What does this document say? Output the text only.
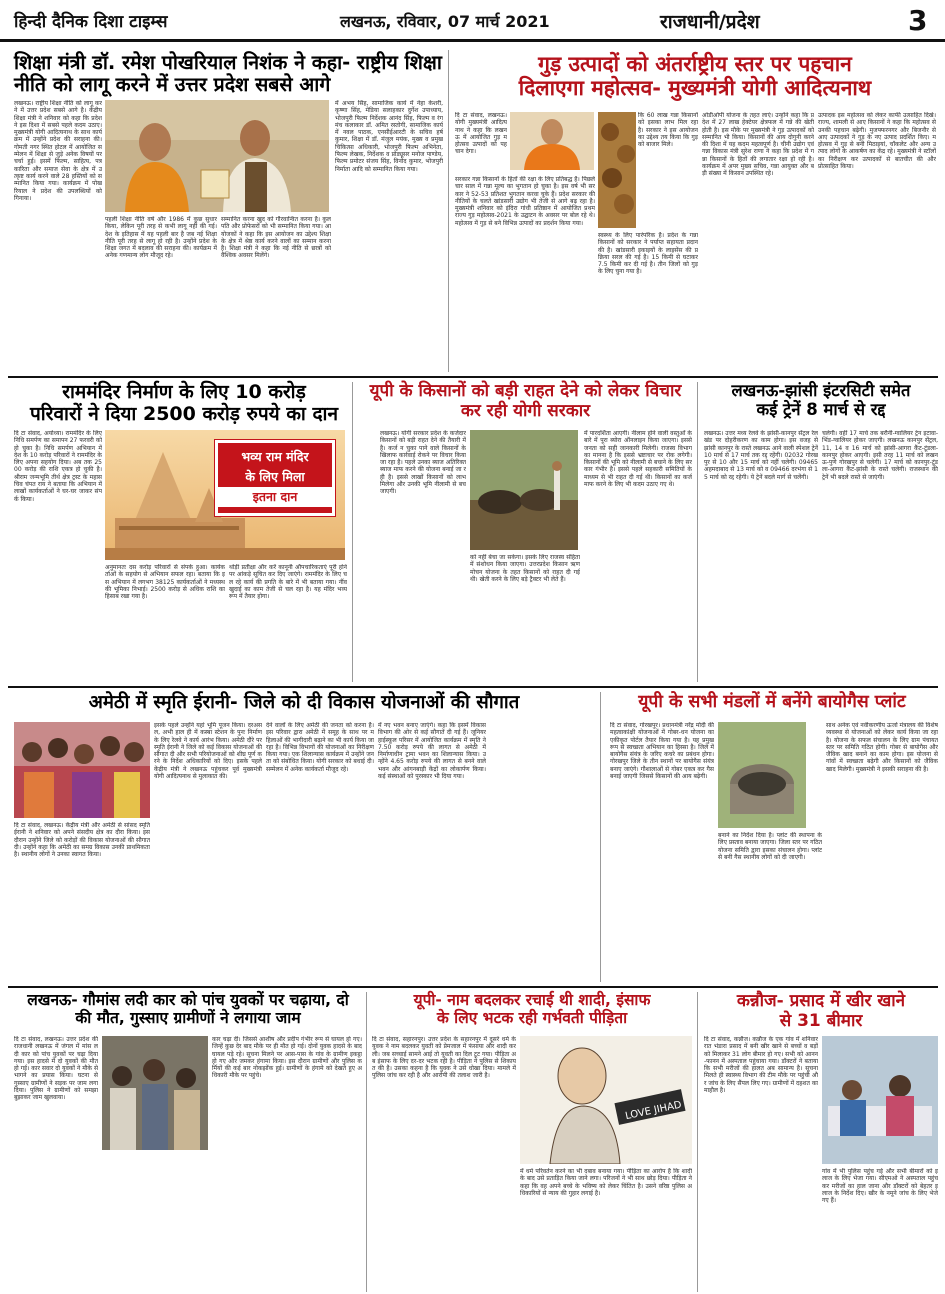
हिन्दी दैनिक दिशा टाइम्स	लखनऊ, रविवार, 07 मार्च 2021	राजधानी/प्रदेश	3
शिक्षा मंत्री डॉ. रमेश पोखरियाल निशंक ने कहा- राष्ट्रीय शिक्षा
नीति को लागू करने में उत्तर प्रदेश सबसे आगे
लखनऊ। राष्ट्रीय शिक्षा नीति को लागू करने में उत्तर प्रदेश सबसे आगे है। केंद्रीय शिक्षा मंत्री ने शनिवार को कहा कि प्रदेश ने इस दिशा में सबसे पहले कदम उठाए। मुख्यमंत्री योगी आदित्यनाथ के साथ कार्यक्रम में उन्होंने प्रदेश की सराहना की। गोमती नगर स्थित होटल में आयोजित सम्मेलन में शिक्षा से जुड़े अनेक विषयों पर चर्चा हुई। इसमें फिल्म, साहित्य, पत्रकारिता और समाज सेवा के क्षेत्र में उत्कृष्ट कार्य करने वाले 28 हस्तियों को सम्मानित किया गया। कार्यक्रम में पोखरियाल ने प्रदेश की उपलब्धियों को गिनाया।
पहली शिक्षा नीति वर्ष और 1986 में कुछ सुधार किया, लेकिन पूरी तरह से कभी लागू नहीं की गई। देश के इतिहास में यह पहली बार है जब नई शिक्षा नीति पूरी तरह से लागू हो रही है। उन्होंने प्रदेश के शिक्षा जगत में बदलाव की सराहना की। कार्यक्रम में अनेक गणमान्य लोग मौजूद रहे।
सम्मानित करना खुद को गौरवान्वित करना है। कुलपति और प्रोफेसरों को भी सम्मानित किया गया। आयोजकों ने कहा कि इस आयोजन का उद्देश्य शिक्षा के क्षेत्र में श्रेष्ठ कार्य करने वालों का सम्मान करना है। शिक्षा मंत्री ने कहा कि नई नीति से छात्रों को वैश्विक अवसर मिलेंगे।
में अभय सिंह, सामाजिक कार्य में नेहा केशरी, कृष्णा सिंह, मेडिया सलाहकार दुर्गेश उपाध्याय, भोजपुरी फिल्म निर्देशक आनंद सिंह, फिल्म व रंगमंच कलाकार डॉ. अमित रस्तोगी, सामाजिक कार्य में नवल पाठक, एनसीईआरटी के सचिव हर्ष कुमार, शिक्षा में डॉ. मंजुल मयंक, मुख्य व प्रमुख चिकित्सा अधिकारी, भोजपुरी फिल्म अभिनेता, फिल्म लेखक, निर्देशक व प्रोड्यूसर मनोज पाण्डेय, फिल्म प्रमोटर संजय सिंह, विनोद कुमार, भोजपुरी निर्माता आदि को सम्मानित किया गया।
गुड़ उत्पादों को अंतर्राष्ट्रीय स्तर पर पहचान
दिलाएगा महोत्सव- मुख्यमंत्री योगी आदित्यनाथ
दि टा संवाद, लखनऊ। योगी मुख्यमंत्री आदित्यनाथ ने कहा कि लखनऊ में आयोजित गुड़ महोत्सव उत्पादों को पहचान देगा।
सरकार गन्ना किसानों के हितों की रक्षा के लिए प्रतिबद्ध है। पिछले चार साल में गन्ना मूल्य का भुगतान हो चुका है। इस वर्ष भी सरकार ने 52-53 प्रतिशत भुगतान करवा चुके हैं। प्रदेश सरकार की नीतियों के चलते खांडसारी उद्योग भी तेजी से आगे बढ़ रहा है। मुख्यमंत्री शनिवार को इंदिरा गांधी प्रतिष्ठान में आयोजित प्रथम राज्य गुड़ महोत्सव-2021 के उद्घाटन के अवसर पर बोल रहे थे। महोत्सव में गुड़ से बने विभिन्न उत्पादों का प्रदर्शन किया गया।
स्वस्थ्य के लिए पारंपरिक है। प्रदेश के गन्ना किसानों को सरकार ने पर्याप्त सहायता प्रदान की है। खांडसारी इकाइयों के लाइसेंस की प्रक्रिया सरल की गई है। 15 किमी से घटाकर 7.5 किमी कर दी गई है। तीन जिलों को गुड़ के लिए चुना गया है।
कि 60 लाख गन्ना किसानों को इसका लाभ मिल रहा है। सरकार ने इस आयोजन का उद्देश्य तय किया कि गुड़ को बाजार मिले।
ओडीओपी योजना के तहत लाएं। उन्होंने कहा कि प्रदेश में 27 लाख हेक्टेयर क्षेत्रफल में गन्ने की खेती होती है। इस मौके पर मुख्यमंत्री ने गुड़ उत्पादकों को सम्मानित भी किया। किसानों की आय दोगुनी करने की दिशा में यह कदम महत्वपूर्ण है। चीनी उद्योग एवं गन्ना विकास मंत्री सुरेश राणा ने कहा कि प्रदेश में गन्ना किसानों के हितों की लगातार रक्षा हो रही है। कार्यक्रम में अपर मुख्य सचिव, गन्ना आयुक्त और बड़ी संख्या में किसान उपस्थित रहे।
उत्पादक इस महोत्सव को लेकर काफी उत्साहित दिखे। राज्य, शामली से आए किसानों ने कहा कि महोत्सव से उनकी पहचान बढ़ेगी। मुजफ्फरनगर और बिजनौर से आए उत्पादकों ने गुड़ के नए उत्पाद प्रदर्शित किए। महोत्सव में गुड़ से बनी मिठाइयां, चॉकलेट और अन्य उत्पाद लोगों के आकर्षण का केंद्र रहे। मुख्यमंत्री ने स्टॉलों का निरीक्षण कर उत्पादकों से बातचीत की और प्रोत्साहित किया।
राममंदिर निर्माण के लिए 10 करोड़
परिवारों ने दिया 2500 करोड़ रुपये का दान
भव्य राम मंदिर
के लिए मिला
इतना दान
दि टा संवाद, अयोध्या। राममंदिर के लिए निधि समर्पण का समापन 27 फरवरी को हो चुका है। निधि समर्पण अभियान में देश के 10 करोड़ परिवारों ने राममंदिर के लिए अपना सहयोग दिया। अब तक 2500 करोड़ की राशि एकत्र हो चुकी है। श्रीराम जन्मभूमि तीर्थ क्षेत्र ट्रस्ट के महासचिव चंपत राय ने बताया कि अभियान में लाखों कार्यकर्ताओं ने घर-घर जाकर संपर्क किया।
अनुमानतः दस करोड़ परिवारों से संपर्क हुआ। कार्यकर्ताओं के सहयोग से अभियान सफल रहा। बताया कि इस अभियान में लगभग 38125 कार्यकर्ताओं ने मध्यस्थ की भूमिका निभाई। 2500 करोड़ से अधिक राशि का हिसाब रखा गया है।
थोड़ी प्रतीक्षा और करें कानूनी औपचारिकताएं पूरी होने पर आंकड़े सूचित कर दिए जाएंगे। राममंदिर के लिए चल रहे कार्य की प्रगति के बारे में भी बताया गया। नींव खुदाई का काम तेजी से चल रहा है। यह मंदिर भव्य रूप में तैयार होगा।
यूपी के किसानों को बड़ी राहत देने को लेकर विचार
कर रही योगी सरकार
लखनऊ। योगी सरकार प्रदेश के कर्जदार किसानों को बड़ी राहत देने की तैयारी में है। कर्ज न चुका पाने वाले किसानों के खिलाफ कार्रवाई रोकने पर विचार किया जा रहा है। पहले उनका ब्याज अतिरिक्त ब्याज माफ करने की योजना बनाई जा रही है। इससे लाखों किसानों को लाभ मिलेगा और उनकी भूमि नीलामी से बच जाएगी।
को नहीं बेचा जा सकेगा। इसके लिए राजस्व संहिता में संशोधन किया जाएगा। उत्तरप्रदेश किसान ऋण मोचन योजना के तहत किसानों को राहत दी गई थी। खेती करने के लिए बड़े ट्रैक्टर भी लेते हैं।
में पारदर्शिता आएगी। नीलाम होने वाली वस्तुओं के बारे में पूरा ब्योरा ऑनलाइन किया जाएगा। इससे जनता को सही जानकारी मिलेगी। राजस्व विभाग का मानना है कि इससे भ्रष्टाचार पर रोक लगेगी। किसानों की भूमि को नीलामी से बचाने के लिए सरकार गंभीर है। इससे पहले सहकारी समितियों के माध्यम से भी राहत दी गई थी। किसानों का कर्ज माफ करने के लिए भी कदम उठाए गए थे।
लखनऊ-झांसी इंटरसिटी समेत
कई ट्रेनें 8 मार्च से रद्द
लखनऊ। उत्तर मध्य रेलवे के झांसी-कानपुर सेंट्रल रेल खंड पर दोहरीकरण का काम होगा। इस वजह से झांसी कानपुर के रास्ते लखनऊ आने वाली स्पेशल ट्रेनें 10 मार्च से 17 मार्च तक रद्द रहेंगी। 02032 गोरखपुर से 10 और 15 मार्च को नहीं चलेगी। 09465 अहमदाबाद से 13 मार्च को व 09466 दरभंगा से 15 मार्च को रद्द रहेगी। ये ट्रेनें बदले मार्ग से चलेंगी।
चलेगी। वहीं 17 मार्च तक बरौनी-ग्वालियर ट्रेन इटावा-भिंड-ग्वालियर होकर जाएगी। लखनऊ कानपुर सेंट्रल, 11, 14 व 16 मार्च को झांसी-आगरा कैंट-टूंडला-कानपुर होकर आएगी। इसी तरह 11 मार्च को लखनऊ-पुणे गोरखपुर से चलेगी। 17 मार्च को कानपुर-टूंडला-आगरा कैंट-झांसी के रास्ते चलेगी। राजस्थान की ट्रेनें भी बदले रास्ते से जाएंगी।
अमेठी में स्मृति ईरानी- जिले को दी विकास योजनाओं की सौगात
दि टा संवाद, लखनऊ। केंद्रीय मंत्री और अमेठी से सांसद स्मृति ईरानी ने शनिवार को अपने संसदीय क्षेत्र का दौरा किया। इस दौरान उन्होंने जिले को करोड़ों की विकास योजनाओं की सौगात दी। उन्होंने कहा कि अमेठी का समग्र विकास उनकी प्राथमिकता है। स्थानीय लोगों ने उनका स्वागत किया।
इसके पहले उन्होंने यहां भूमि पूजन किया। दरअसल, अभी हाल ही में कस्बा स्टेशन के पुनः निर्माण के लिए रेलवे ने कार्य आरंभ किया। अमेठी दौरे पर स्मृति ईरानी ने जिले को कई विकास योजनाओं की सौगात दी और सभी परियोजनाओं को शीघ्र पूर्ण करने के निर्देश अधिकारियों को दिए। इसके पहले केंद्रीय मंत्री ने लखनऊ पहुंचकर पूर्व मुख्यमंत्री योगी आदित्यनाथ से मुलाकात की।
देने वालों के लिए अमेठी की जनता को करना है। इस परिवार द्वारा अमेठी में समूह के साथ पर महिलाओं की भागीदारी बढ़ाने का भी कार्य किया जा रहा है। विभिन्न विभागों की योजनाओं का निरीक्षण किया गया। एक शिलान्यास कार्यक्रम में उन्होंने जनता को संबोधित किया। योगी सरकार को बधाई दी। सम्मेलन में अनेक कार्यकर्ता मौजूद रहे।
में नए भवन बनाए जाएंगे। कहा कि इसमें विकास विभाग की ओर से कई सौगातें दी गई हैं। जूनियर हाईस्कूल परिसर में आयोजित कार्यक्रम में स्मृति ने 7.50 करोड़ रुपये की लागत से अमेठी में निर्माणाधीन ट्रामा भवन का शिलान्यास किया। उन्होंने 4.65 करोड़ रुपये की लागत से बनने वाले भवन और आंगनबाड़ी केंद्रों का लोकार्पण किया। कई संस्थाओं को पुरस्कार भी दिया गया।
यूपी के सभी मंडलों में बनेंगे बायोगैस प्लांट
दि टा संवाद, गोरखपुर। प्रधानमंत्री नरेंद्र मोदी की महत्वाकांक्षी योजनाओं में गोबर-धन योजना का एकीकृत पोर्टल तैयार किया गया है। यह प्रमुख रूप से स्वच्छता अभियान का हिस्सा है। जिले में बायोगैस संयंत्र के जरिए कचरे का प्रबंधन होगा। गोरखपुर जिले के तीन स्थानों पर बायोगैस संयंत्र बनाए जाएंगे। गौशालाओं से गोबर एकत्र कर गैस बनाई जाएगी जिससे किसानों की आय बढ़ेगी।
बनाने का निर्देश दिया है। प्लांट की स्थापना के लिए प्रस्ताव बनाया जाएगा। जिला स्तर पर गठित योजना समिति द्वारा इसका संचालन होगा। प्लांट से बनी गैस स्थानीय लोगों को दी जाएगी।
साथ अनेक एवं नवीकरणीय ऊर्जा मंत्रालय की विशेष व्यवस्था से योजनाओं को लेकर कार्य किया जा रहा है। योजना के सफल संचालन के लिए ग्राम पंचायत स्तर पर समिति गठित होगी। गोबर से बायोगैस और जैविक खाद बनाने का काम होगा। इस योजना से गांवों में स्वच्छता बढ़ेगी और किसानों को जैविक खाद मिलेगी। मुख्यमंत्री ने इसकी सराहना की है।
लखनऊ- गौमांस लदी कार को पांच युवकों पर चढ़ाया, दो
की मौत, गुस्साए ग्रामीणों ने लगाया जाम
दि टा संवाद, लखनऊ। उत्तर प्रदेश की राजधानी लखनऊ में जंगल में मांस लदी कार को पांच युवकों पर चढ़ा दिया गया। इस हादसे में दो युवकों की मौत हो गई। कार सवार दो युवकों ने मौके से भागने का प्रयास किया। घटना से गुस्साए ग्रामीणों ने सड़क पर जाम लगा दिया। पुलिस ने ग्रामीणों को समझा बुझाकर जाम खुलवाया।
कार चढ़ा दी। जिससे आशीष और प्रदीप गंभीर रूप से घायल हो गए। जिन्हें कुछ देर बाद मौके पर ही मौत हो गई। दोनों युवक हादसे के बाद घायल पड़े रहे। सूचना मिलने पर आस-पास के गांव के ग्रामीण इकट्ठा हो गए और जमकर हंगामा किया। इस दौरान ग्रामीणों और पुलिस कर्मियों की कई बार नोकझोंक हुई। ग्रामीणों के हंगामे को देखते हुए अधिकारी मौके पर पहुंचे।
यूपी- नाम बदलकर रचाई थी शादी, इंसाफ
के लिए भटक रही गर्भवती पीड़िता
LOVE JIHAD
दि टा संवाद, सहारनपुर। उत्तर प्रदेश के सहारनपुर में दूसरे धर्म के युवक ने नाम बदलकर युवती को प्रेमजाल में फंसाया और शादी कर ली। जब सच्चाई सामने आई तो युवती का दिल टूट गया। पीड़िता अब इंसाफ के लिए दर-दर भटक रही है। पीड़िता ने पुलिस से शिकायत की है। उसका कहना है कि युवक ने उसे धोखा दिया। मामले में पुलिस जांच कर रही है और आरोपी की तलाश जारी है।
में धर्म परिवर्तन करने का भी दबाव बनाया गया। पीड़िता का आरोप है कि शादी के बाद उसे प्रताड़ित किया जाने लगा। परिजनों ने भी साथ छोड़ दिया। पीड़िता ने कहा कि वह अपने बच्चे के भविष्य को लेकर चिंतित है। उसने वरिष्ठ पुलिस अधिकारियों से न्याय की गुहार लगाई है।
कन्नौज- प्रसाद में खीर खाने
से 31 बीमार
दि टा संवाद, कन्नौज। कन्नौज के एक गांव में शनिवार रात भंडारा प्रसाद में बनी खीर खाने से बच्चों व बड़ों को मिलाकर 31 लोग बीमार हो गए। सभी को आनन-फानन में अस्पताल पहुंचाया गया। डॉक्टरों ने बताया कि सभी मरीजों की हालत अब सामान्य है। सूचना मिलते ही स्वास्थ्य विभाग की टीम मौके पर पहुंची और जांच के लिए सैंपल लिए गए। ग्रामीणों में दहशत का माहौल है।
गांव में भी पुलिस पहुंच गई और सभी बीमारों को इलाज के लिए भेजा गया। सीएमओ ने अस्पताल पहुंचकर मरीजों का हाल जाना और डॉक्टरों को बेहतर इलाज के निर्देश दिए। खीर के नमूने जांच के लिए भेजे गए हैं।
